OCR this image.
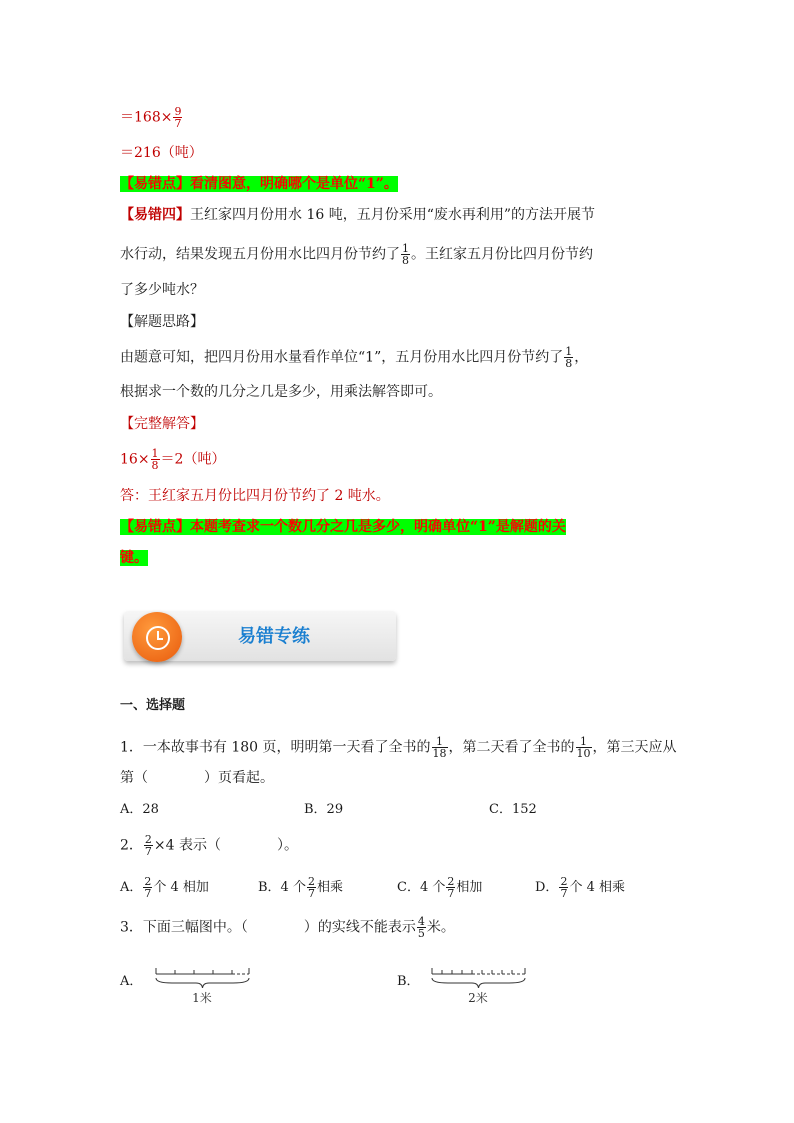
$=168\times \frac{9}{7}$
＝216（吨）
【易错点】看清图意，明确哪个是单位“1”。
【易错四】王红家四月份用水 16 吨，五月份采用“废水再利用”的方法开展节
水行动，结果发现五月份用水比四月份节约了 $\frac{1}{8}$ 。王红家五月份比四月份节约
了多少吨水？
【解题思路】
由题意可知，把四月份用水量看作单位“1”，五月份用水比四月份节约了 $\frac{1}{8}$ ，
根据求一个数的几分之几是多少，用乘法解答即可。
【完整解答】
$16\times \frac{1}{8} =2$（吨）
答：王红家五月份比四月份节约了 2 吨水。
【易错点】本题考查求一个数几分之几是多少，明确单位“1”是解题的关
键。
易错专练
一、选择题
1．一本故事书有 180 页，明明第一天看了全书的 $\frac{1}{18}$ ，第二天看了全书的 $\frac{1}{10}$ ，第三天应从
第（	）页看起。
A．28	B．29	C．152
2． $\frac{2}{7} \times 4$ 表示（	）。
A． $\frac{2}{7}$ 个 4 相加	B．4 个 $\frac{2}{7}$ 相乘	C．4 个 $\frac{2}{7}$ 相加	D． $\frac{2}{7}$ 个 4 相乘
3．下面三幅图中。（	）的实线不能表示 $\frac{4}{5}$ 米。
A．
1米
B．
2米
